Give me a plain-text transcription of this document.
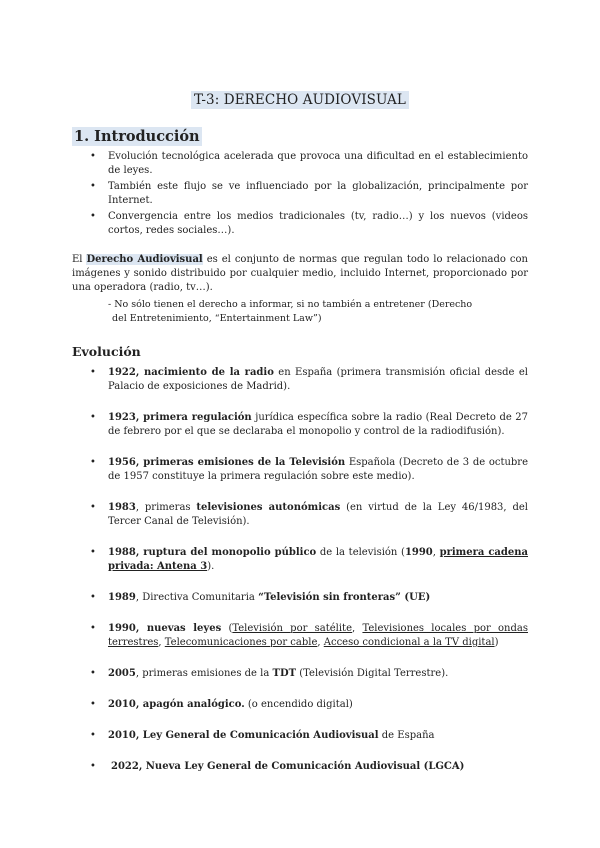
T-3: DERECHO AUDIOVISUAL
1. Introducción
• Evolución tecnológica acelerada que provoca una dificultad en el establecimiento de leyes.
• También este flujo se ve influenciado por la globalización, principalmente por Internet.
• Convergencia entre los medios tradicionales (tv, radio…) y los nuevos (videos cortos, redes sociales…).

El Derecho Audiovisual es el conjunto de normas que regulan todo lo relacionado con imágenes y sonido distribuido por cualquier medio, incluido Internet, proporcionado por una operadora (radio, tv…).

- No sólo tienen el derecho a informar, si no también a entretener (Derecho
del Entretenimiento, “Entertainment Law”)

Evolución
• 1922, nacimiento de la radio en España (primera transmisión oficial desde el Palacio de exposiciones de Madrid).
• 1923, primera regulación jurídica específica sobre la radio (Real Decreto de 27 de febrero por el que se declaraba el monopolio y control de la radiodifusión).
• 1956, primeras emisiones de la Televisión Española (Decreto de 3 de octubre de 1957 constituye la primera regulación sobre este medio).
• 1983, primeras televisiones autonómicas (en virtud de la Ley 46/1983, del Tercer Canal de Televisión).
• 1988, ruptura del monopolio público de la televisión (1990, primera cadena privada: Antena 3).
• 1989, Directiva Comunitaria “Televisión sin fronteras” (UE)
• 1990, nuevas leyes (Televisión por satélite, Televisiones locales por ondas terrestres, Telecomunicaciones por cable, Acceso condicional a la TV digital)
• 2005, primeras emisiones de la TDT (Televisión Digital Terrestre).
• 2010, apagón analógico. (o encendido digital)
• 2010, Ley General de Comunicación Audiovisual de España
• 2022, Nueva Ley General de Comunicación Audiovisual (LGCA)
